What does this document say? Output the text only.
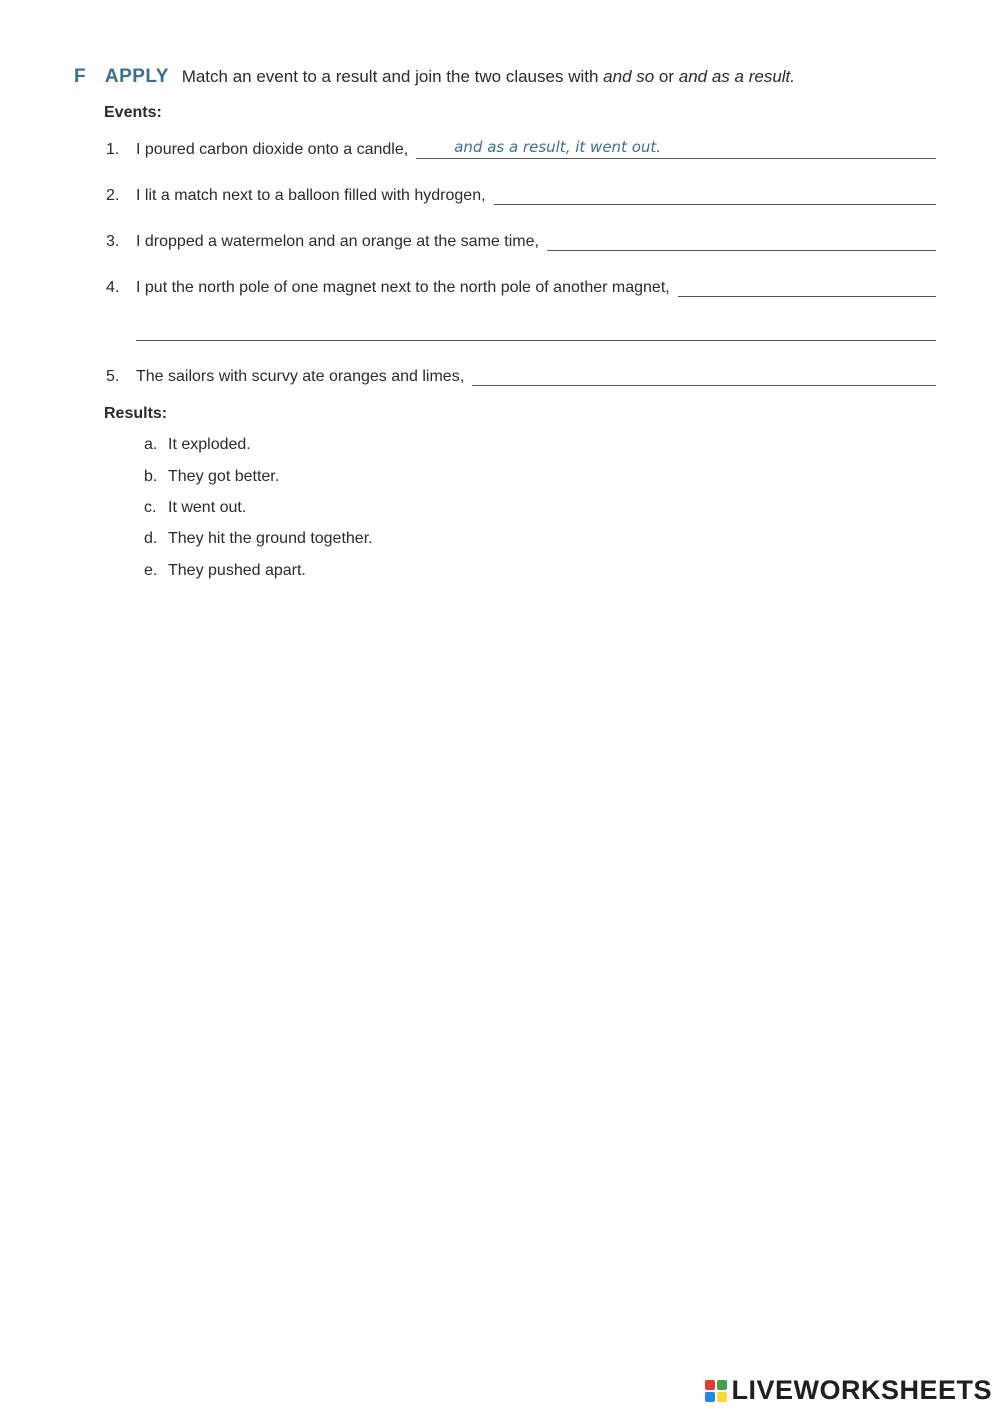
F APPLY Match an event to a result and join the two clauses with and so or and as a result.
Events:
1.	I poured carbon dioxide onto a candle,	and as a result, it went out.
2.	I lit a match next to a balloon filled with hydrogen,
3.	I dropped a watermelon and an orange at the same time,
4.	I put the north pole of one magnet next to the north pole of another magnet,
5.	The sailors with scurvy ate oranges and limes,
Results:
a. It exploded.
b. They got better.
c. It went out.
d. They hit the ground together.
e. They pushed apart.
LIVEWORKSHEETS
